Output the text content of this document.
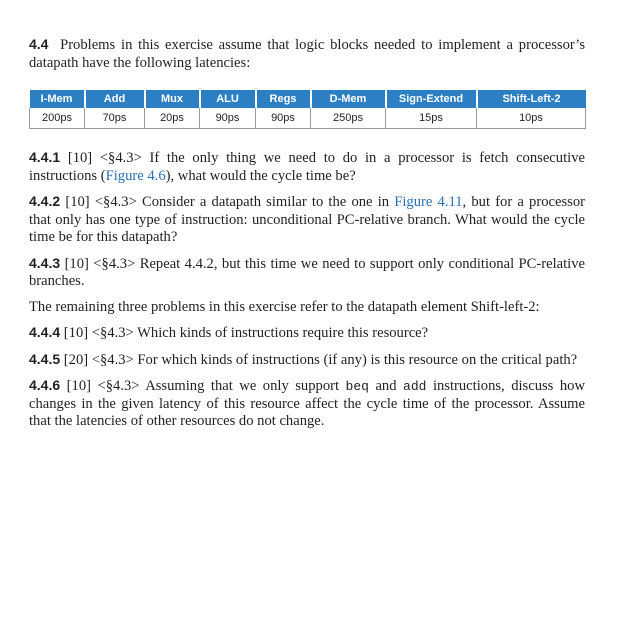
4.4 Problems in this exercise assume that logic blocks needed to implement a processor’s datapath have the following latencies:

I-Mem	Add	Mux	ALU	Regs	D-Mem	Sign-Extend	Shift-Left-2
200ps	70ps	20ps	90ps	90ps	250ps	15ps	10ps

4.4.1 [10] <§4.3> If the only thing we need to do in a processor is fetch consecutive instructions (Figure 4.6), what would the cycle time be?

4.4.2 [10] <§4.3> Consider a datapath similar to the one in Figure 4.11, but for a processor that only has one type of instruction: unconditional PC-relative branch. What would the cycle time be for this datapath?

4.4.3 [10] <§4.3> Repeat 4.4.2, but this time we need to support only conditional PC-relative branches.

The remaining three problems in this exercise refer to the datapath element Shift-left-2:

4.4.4 [10] <§4.3> Which kinds of instructions require this resource?

4.4.5 [20] <§4.3> For which kinds of instructions (if any) is this resource on the critical path?

4.4.6 [10] <§4.3> Assuming that we only support beq and add instructions, discuss how changes in the given latency of this resource affect the cycle time of the processor. Assume that the latencies of other resources do not change.
